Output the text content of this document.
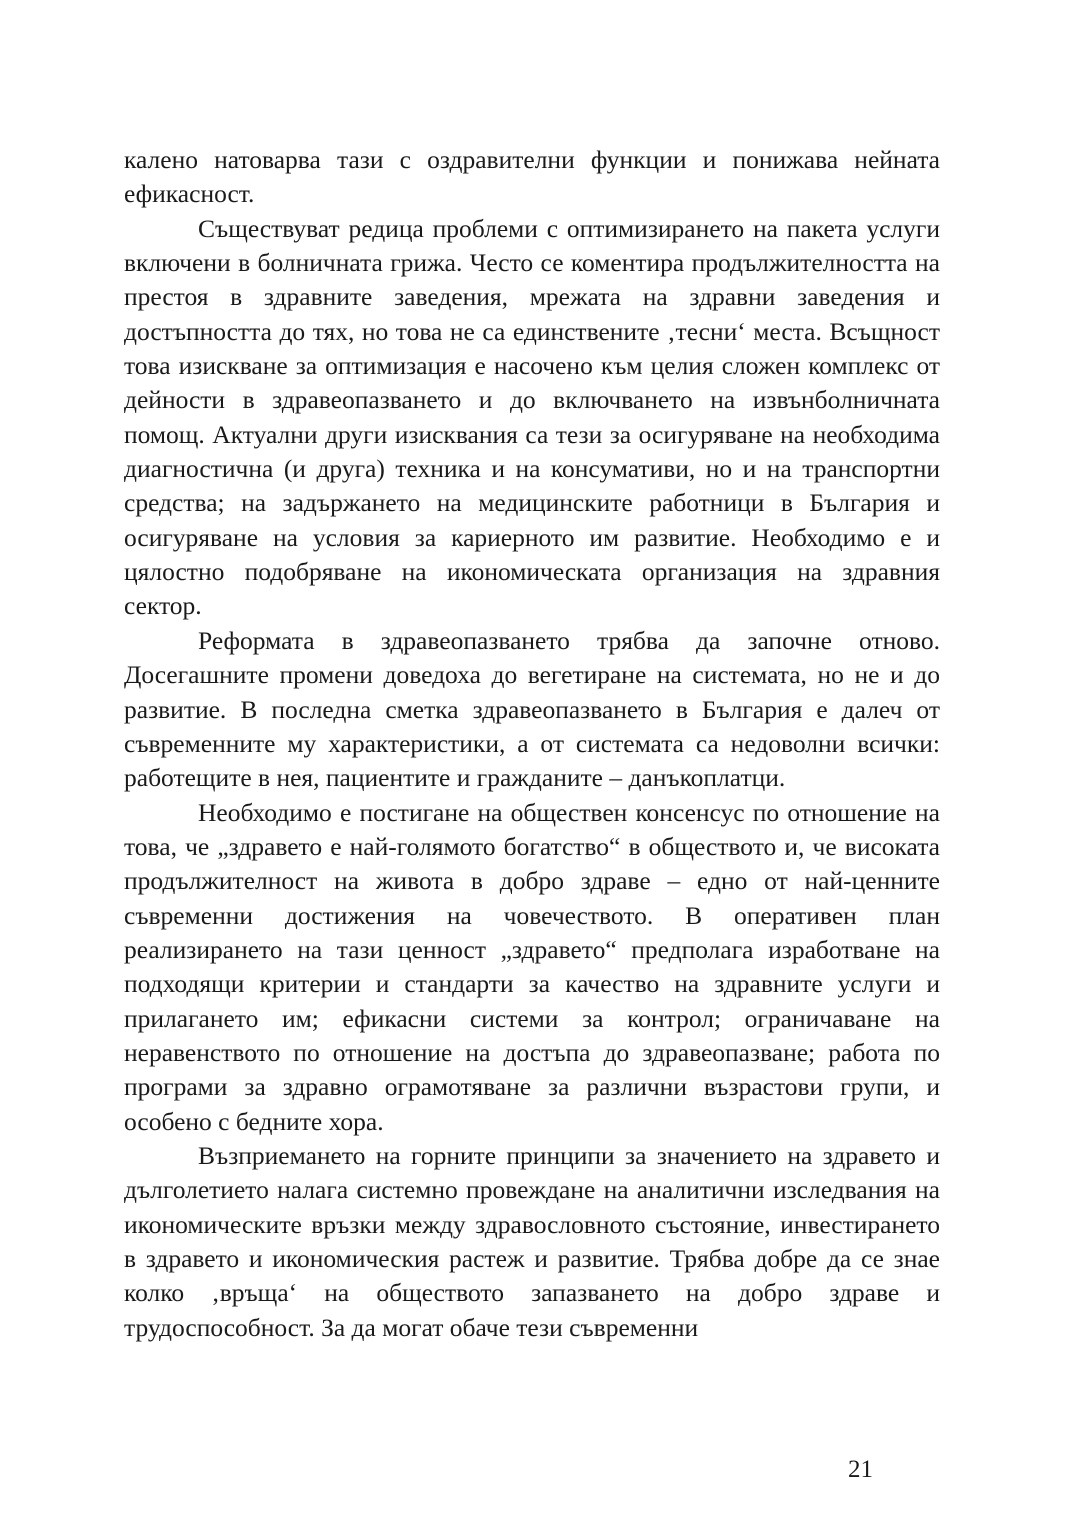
калено натоварва тази с оздравителни функции и понижава нейната ефикасност.

Съществуват редица проблеми с оптимизирането на пакета услуги включени в болничната грижа. Често се коментира продължителността на престоя в здравните заведения, мрежата на здравни заведения и достъпността до тях, но това не са единствените ‚тесни‘ места. Всъщност това изискване за оптимизация е насочено към целия сложен комплекс от дейности в здравеопазването и до включването на извънболничната помощ. Актуални други изисквания са тези за осигуряване на необходима диагностична (и друга) техника и на консумативи, но и на транспортни средства; на задържането на медицинските работници в България и осигуряване на условия за кариерното им развитие. Необходимо е и цялостно подобряване на икономическата организация на здравния сектор.

Реформата в здравеопазването трябва да започне отново. Досегашните промени доведоха до вегетиране на системата, но не и до развитие. В последна сметка здравеопазването в България е далеч от съвременните му характеристики, а от системата са недоволни всички: работещите в нея, пациентите и гражданите – данъкоплатци.

Необходимо е постигане на обществен консенсус по отношение на това, че „здравето е най-голямото богатство“ в обществото и, че високата продължителност на живота в добро здраве – едно от най-ценните съвременни достижения на човечеството. В оперативен план реализирането на тази ценност „здравето“ предполага изработване на подходящи критерии и стандарти за качество на здравните услуги и прилагането им; ефикасни системи за контрол; ограничаване на неравенството по отношение на достъпа до здравеопазване; работа по програми за здравно ограмотяване за различни възрастови групи, и особено с бедните хора.

Възприемането на горните принципи за значението на здравето и дълголетието налага системно провеждане на аналитични изследвания на икономическите връзки между здравословното състояние, инвестирането в здравето и икономическия растеж и развитие. Трябва добре да се знае колко ‚връща‘ на обществото запазването на добро здраве и трудоспособност. За да могат обаче тези съвременни

21
